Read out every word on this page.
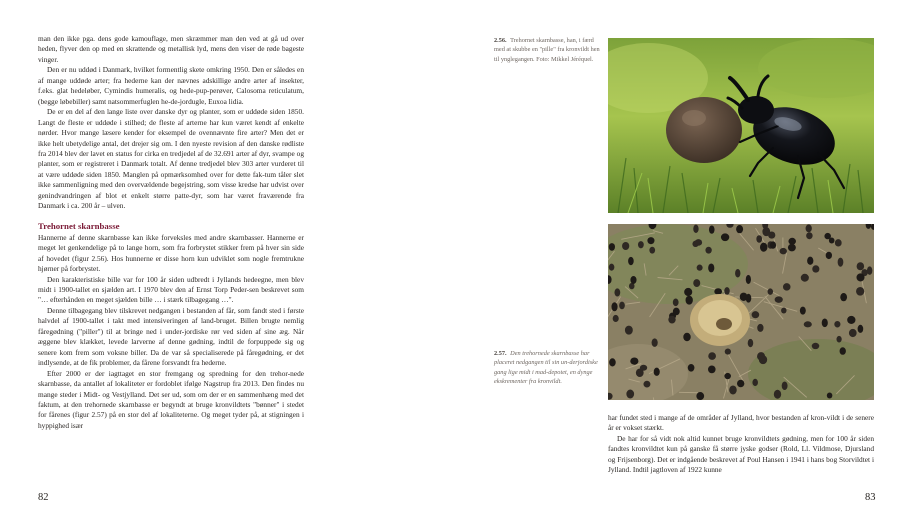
man den ikke pga. dens gode kamouflage, men skræmmer man den ved at gå ud over heden, flyver den op med en skrattende og metallisk lyd, mens den viser de røde bageste vinger.

Den er nu uddød i Danmark, hvilket formentlig skete omkring 1950. Den er således en af mange uddøde arter; fra hederne kan der nævnes adskillige andre arter af insekter, f.eks. glat hedeløber, Cymindis humeralis, og hede-pup-perøver, Calosoma reticulatum, (begge løbebiller) samt natsommerfuglen he-de-jordugle, Euxoa lidia.

De er en del af den lange liste over danske dyr og planter, som er uddøde siden 1850. Langt de fleste er uddøde i stilhed; de fleste af arterne har kun været kendt af enkelte nørder. Hvor mange læsere kender for eksempel de ovennævnte fire arter? Men det er ikke helt ubetydelige antal, det drejer sig om. I den nyeste revision af den danske rødliste fra 2014 blev der lavet en status for cirka en tredjedel af de 32.691 arter af dyr, svampe og planter, som er registreret i Danmark totalt. Af denne tredjedel blev 303 arter vurderet til at være uddøde siden 1850. Manglen på opmærksomhed over for dette fak-tum tåler slet ikke sammenligning med den overvældende begejstring, som visse kredse har udvist over genindvandringen af blot et enkelt større patte-dyr, som har været fraværende fra Danmark i ca. 200 år – ulven.

Trehornet skarnbasse

Hannerne af denne skarnbasse kan ikke forveksles med andre skarnbasser. Hannerne er meget let genkendelige på to lange horn, som fra forbrystet stikker frem på hver sin side af hovedet (figur 2.56). Hos hunnerne er disse horn kun udviklet som nogle fremtrukne hjørner på forbrystet.

Den karakteristiske bille var for 100 år siden udbredt i Jyllands hedeegne, men blev midt i 1900-tallet en sjælden art. I 1970 blev den af Ernst Torp Peder-sen beskrevet som "… efterhånden en meget sjælden bille … i stærk tilbagegang …".

Denne tilbagegang blev tilskrevet nedgangen i bestanden af får, som fandt sted i første halvdel af 1900-tallet i takt med intensiveringen af land-bruget. Billen brugte nemlig fåregødning ("piller") til at bringe ned i under-jordiske rør ved siden af sine æg. Når æggene blev klækket, levede larverne af denne gødning, indtil de forpuppede sig og senere kom frem som voksne biller. Da de var så specialiserede på fåregødning, er det indlysende, at de fik problemer, da fårene forsvandt fra hederne.

Efter 2000 er der iagttaget en stor fremgang og spredning for den trehor-nede skarnbasse, da antallet af lokaliteter er fordoblet ifølge Nagstrup fra 2013. Den findes nu mange steder i Midt- og Vestjylland. Det ser ud, som om der er en sammenhæng med det faktum, at den trehornede skarnbasse er begyndt at bruge kronvildtets "bønner" i stedet for fårenes (figur 2.57) på en stor del af lokaliteterne. Og meget tyder på, at stigningen i hyppighed især

82
2.56. Trehornet skarnbasse, han, i færd med at skubbe en "pille" fra kronvildt hen til ynglegangen. Foto: Mikkel Jéréquel.
2.57. Den trehornede skarnbasse har placeret nedgangen til sin un-derjordiske gang lige midt i mad-depotet, en dynge ekskrementer fra kronvildt.

har fundet sted i mange af de områder af Jylland, hvor bestanden af kron-vildt i de senere år er vokset stærkt.

De har for så vidt nok altid kunnet bruge kronvildtets gødning, men for 100 år siden fandtes kronvildtet kun på ganske få større jyske godser (Rold, Ll. Vildmose, Djursland og Frijsenborg). Det er indgående beskrevet af Poul Hansen i 1941 i hans bog Storvildtet i Jylland. Indtil jagtloven af 1922 kunne

83
